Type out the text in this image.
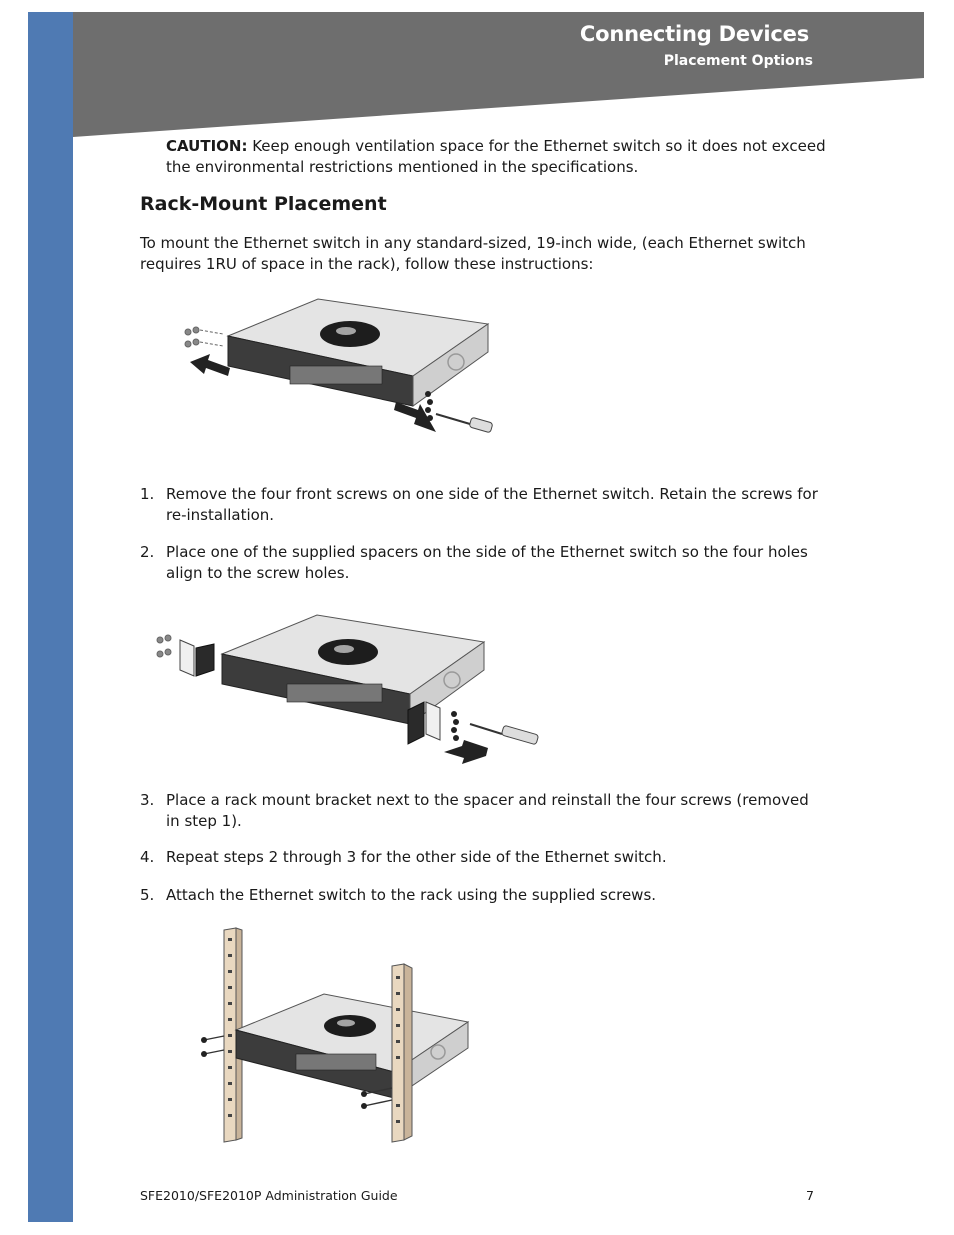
Connecting Devices
Placement Options
CAUTION: Keep enough ventilation space for the Ethernet switch so it does not exceed the environmental restrictions mentioned in the specifications.
Rack-Mount Placement
To mount the Ethernet switch in any standard-sized, 19-inch wide, (each Ethernet switch requires 1RU of space in the rack), follow these instructions:
1. Remove the four front screws on one side of the Ethernet switch. Retain the screws for re-installation.
2. Place one of the supplied spacers on the side of the Ethernet switch so the four holes align to the screw holes.
3. Place a rack mount bracket next to the spacer and reinstall the four screws (removed in step 1).
4. Repeat steps 2 through 3 for the other side of the Ethernet switch.
5. Attach the Ethernet switch to the rack using the supplied screws.
SFE2010/SFE2010P Administration Guide	7
